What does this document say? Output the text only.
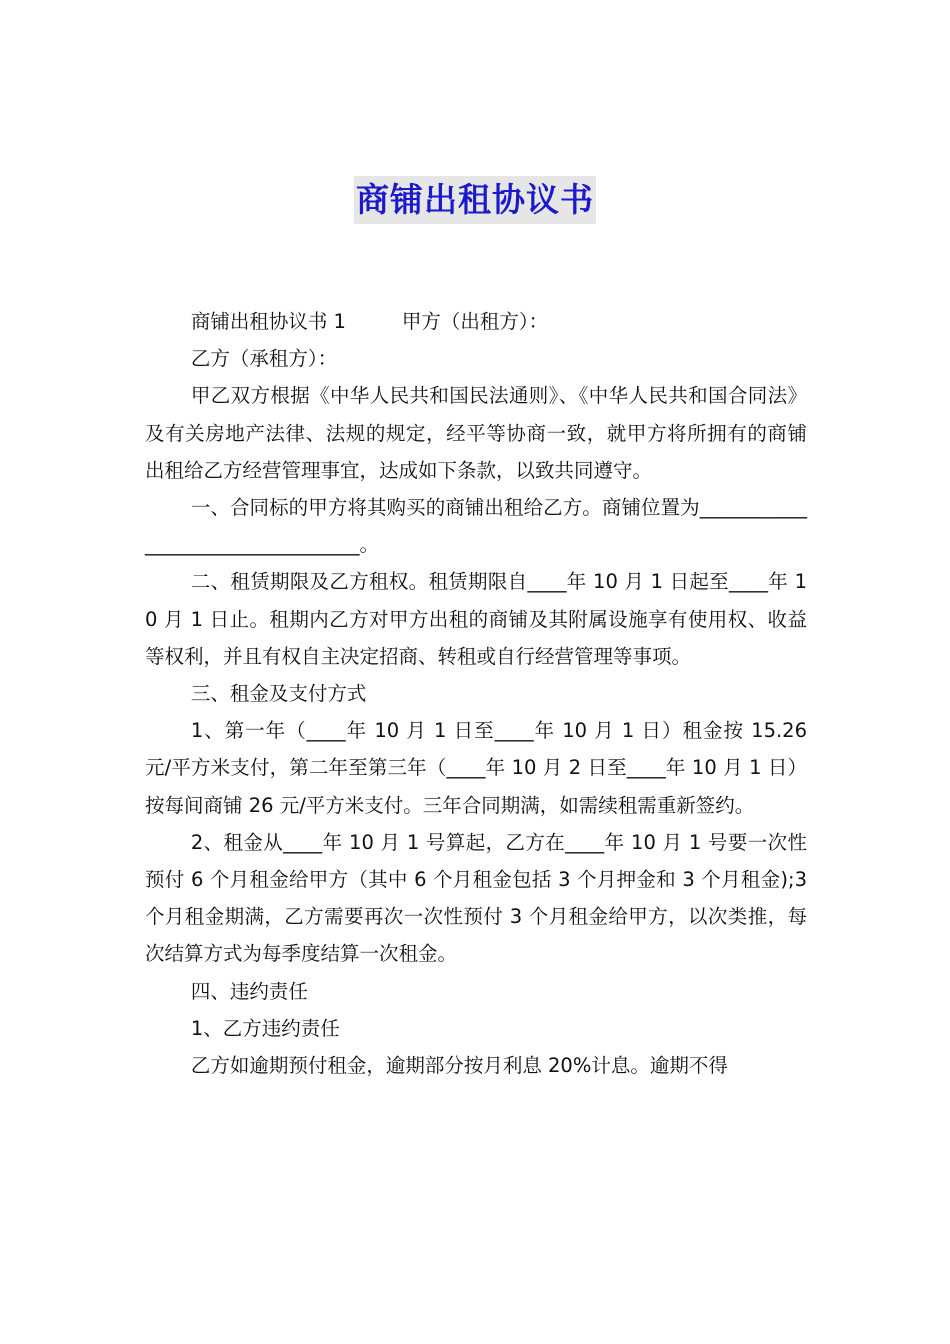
商铺出租协议书

商铺出租协议书 1	甲方（出租方）：

乙方（承租方）：

甲乙双方根据《中华人民共和国民法通则》、《中华人民共和国合同法》及有关房地产法律、法规的规定，经平等协商一致，就甲方将所拥有的商铺出租给乙方经营管理事宜，达成如下条款，以致共同遵守。

一、合同标的甲方将其购买的商铺出租给乙方。商铺位置为_________________________________。

二、租赁期限及乙方租权。租赁期限自____年 10 月 1 日起至____年 10 月 1 日止。租期内乙方对甲方出租的商铺及其附属设施享有使用权、收益等权利，并且有权自主决定招商、转租或自行经营管理等事项。

三、租金及支付方式

1、第一年（____年 10 月 1 日至____年 10 月 1 日）租金按 15.26 元/平方米支付，第二年至第三年（____年 10 月 2 日至____年 10 月 1 日）按每间商铺 26 元/平方米支付。三年合同期满，如需续租需重新签约。

2、租金从____年 10 月 1 号算起，乙方在____年 10 月 1 号要一次性预付 6 个月租金给甲方（其中 6 个月租金包括 3 个月押金和 3 个月租金);3 个月租金期满，乙方需要再次一次性预付 3 个月租金给甲方，以次类推，每次结算方式为每季度结算一次租金。

四、违约责任

1、乙方违约责任

乙方如逾期预付租金，逾期部分按月利息 20%计息。逾期不得
